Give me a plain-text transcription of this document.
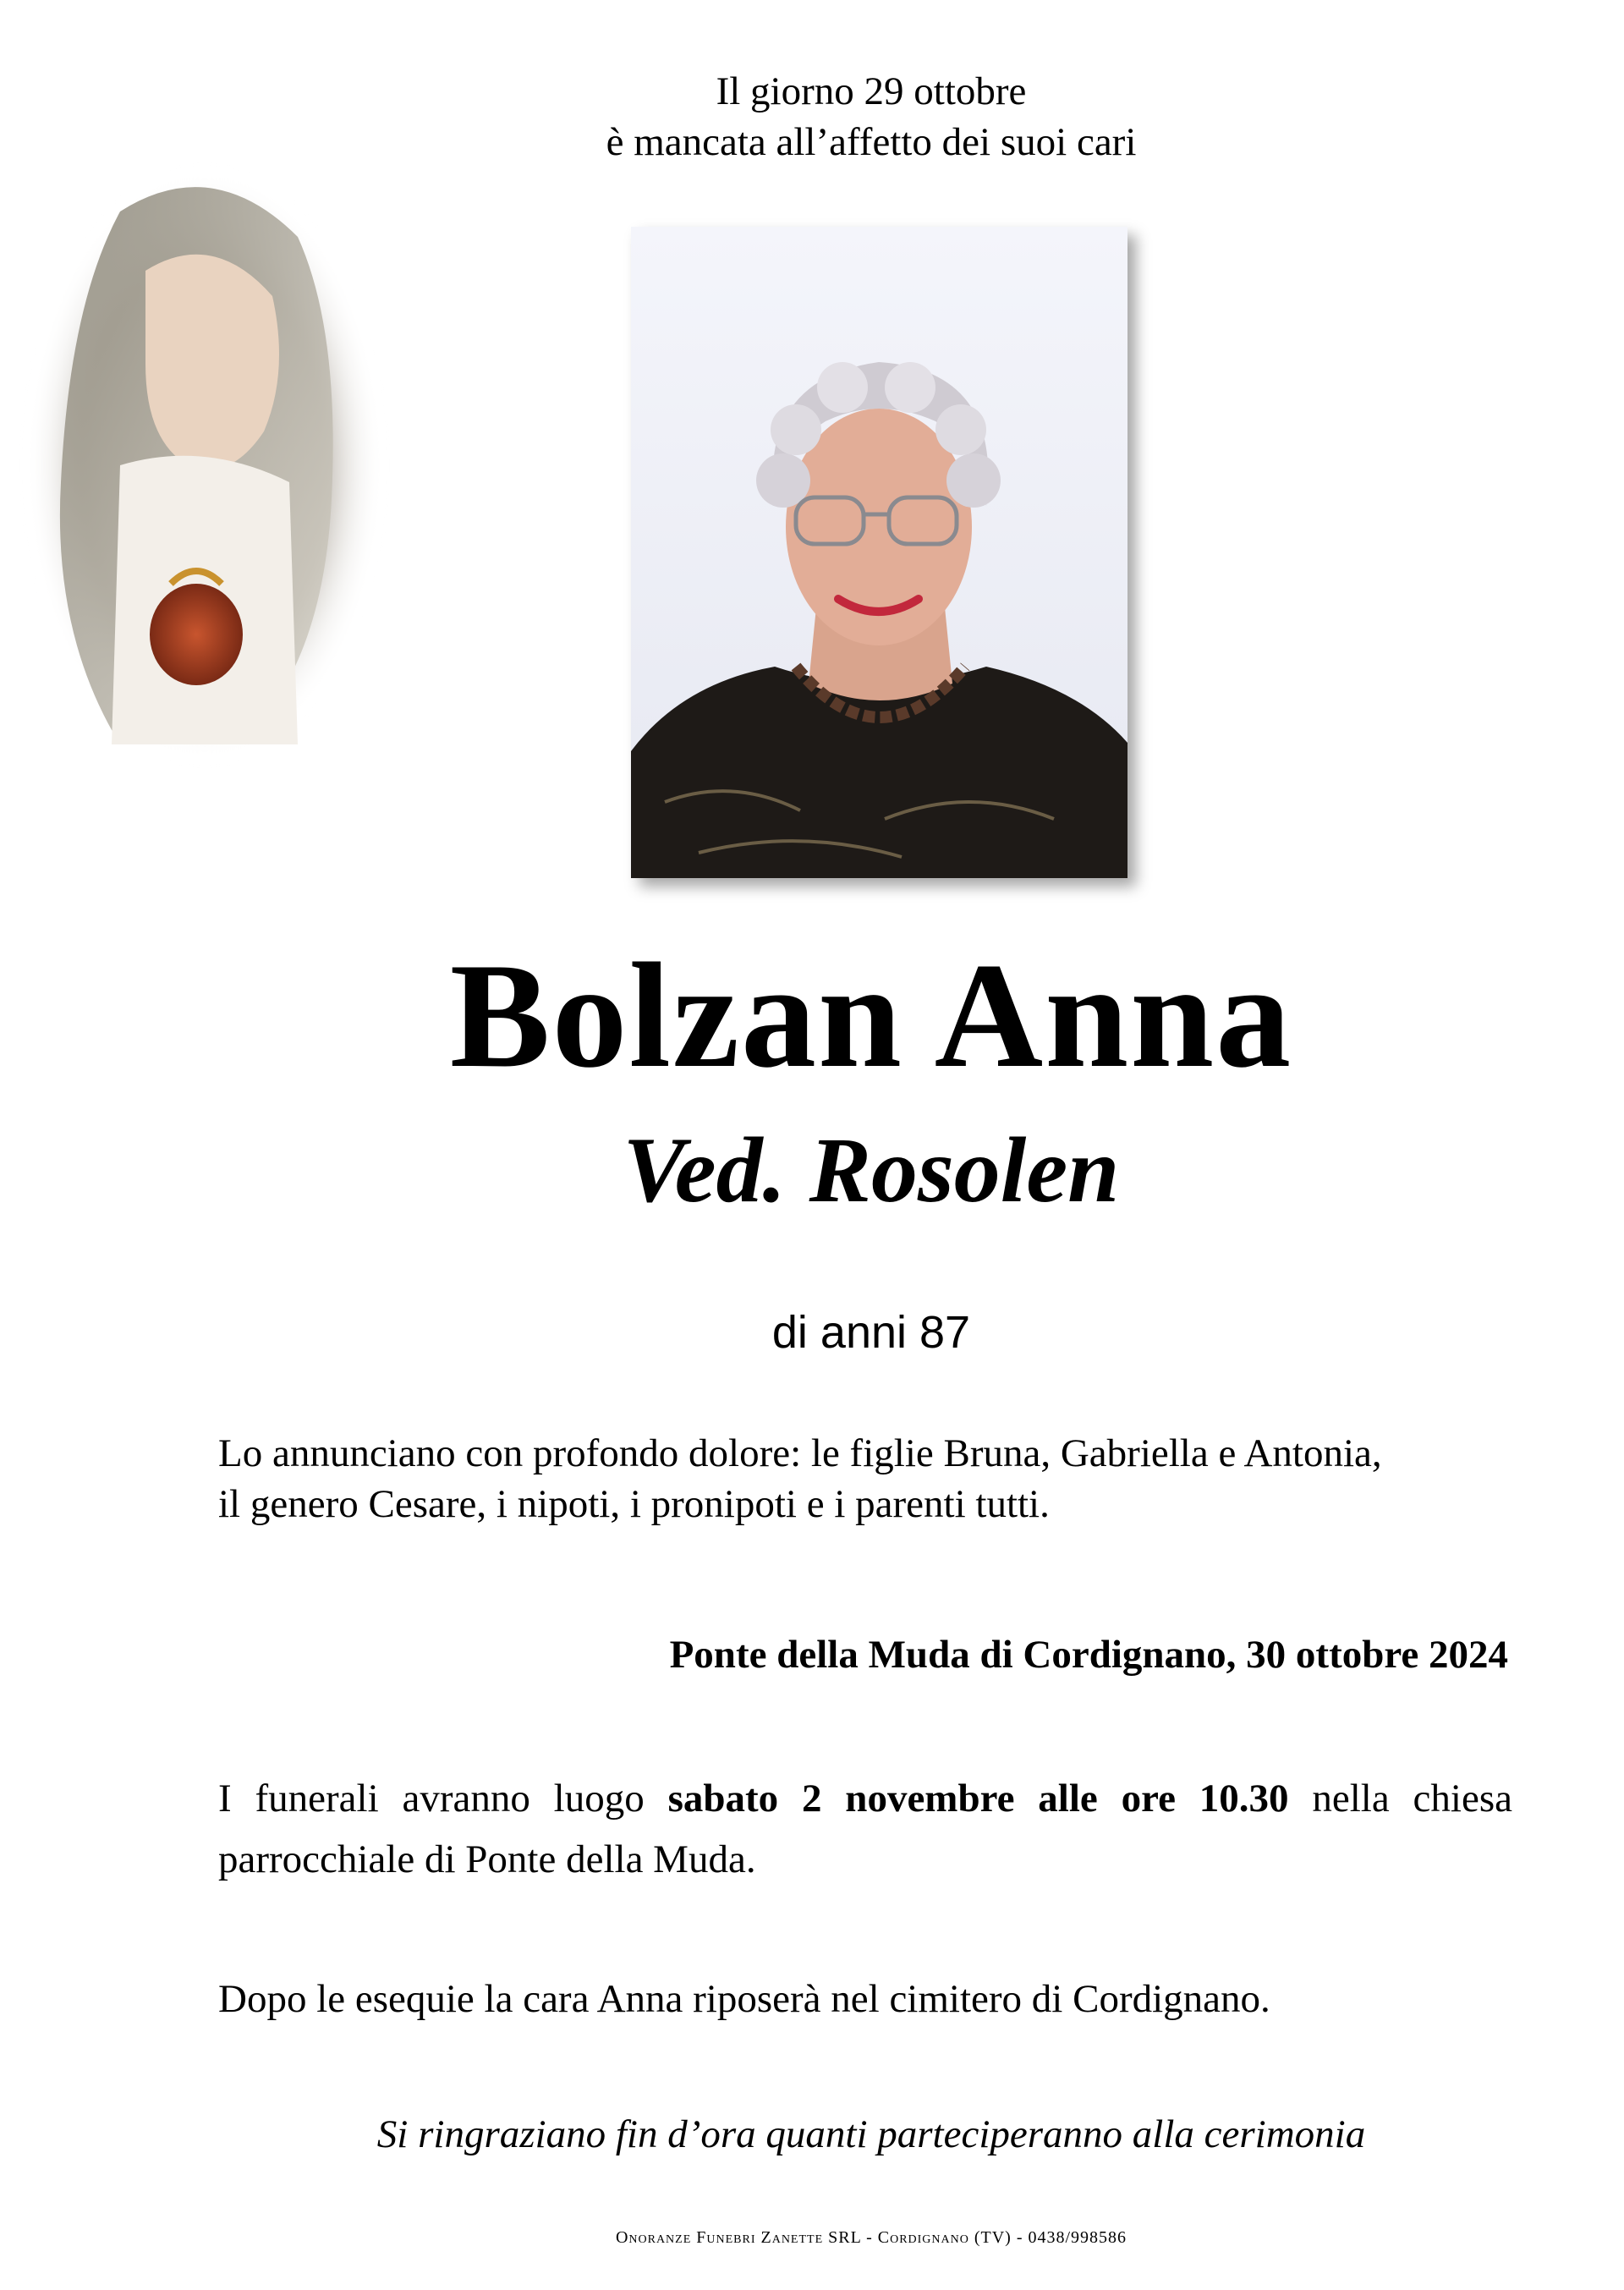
Il giorno 29 ottobre
è mancata all’affetto dei suoi cari
Bolzan Anna
Ved. Rosolen
di anni 87
Lo annunciano con profondo dolore: le figlie Bruna, Gabriella e Antonia,
il genero Cesare, i nipoti, i pronipoti e i parenti tutti.
Ponte della Muda di Cordignano, 30 ottobre 2024
I funerali avranno luogo sabato 2 novembre alle ore 10.30 nella chiesa parrocchiale di Ponte della Muda.
Dopo le esequie la cara Anna riposerà nel cimitero di Cordignano.
Si ringraziano fin d’ora quanti parteciperanno alla cerimonia
Onoranze Funebri Zanette SRL - Cordignano (TV) - 0438/998586
